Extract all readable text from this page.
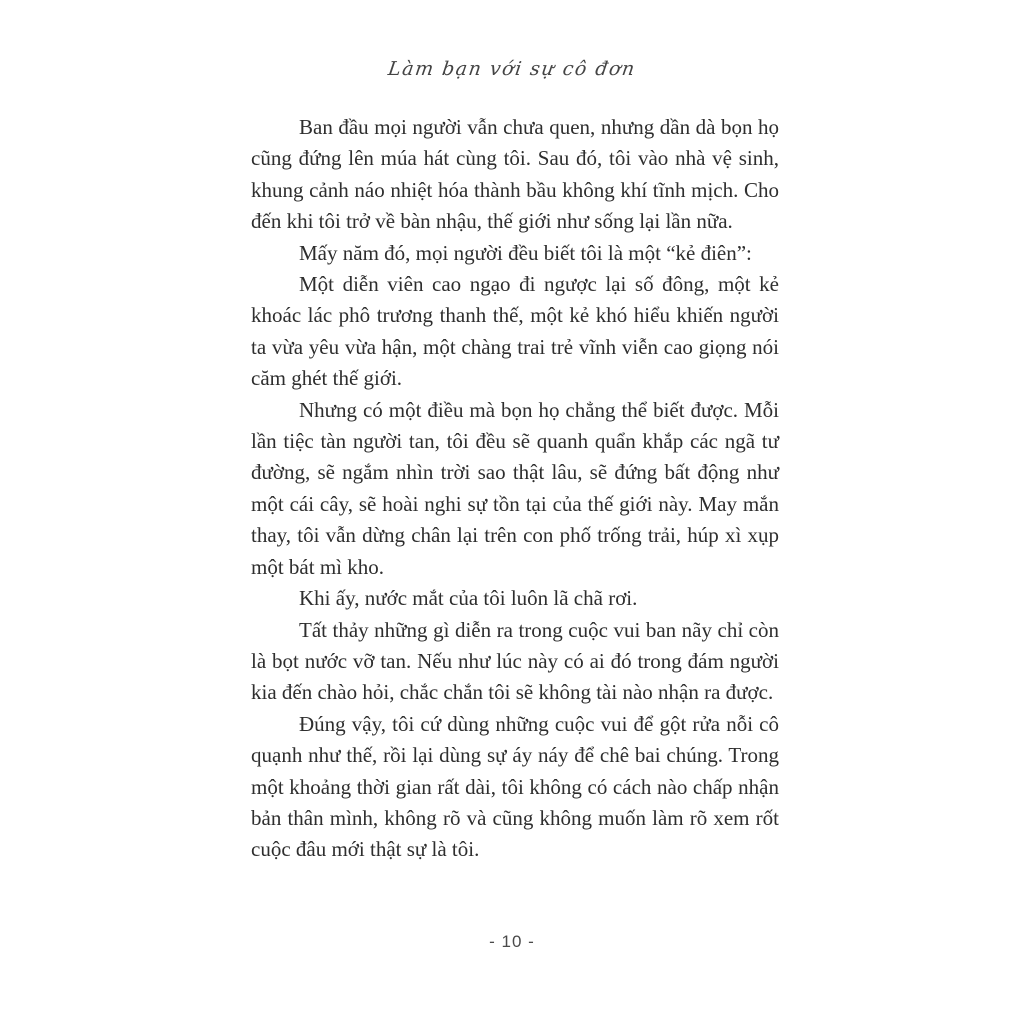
Làm bạn với sự cô đơn

Ban đầu mọi người vẫn chưa quen, nhưng dần dà bọn họ cũng đứng lên múa hát cùng tôi. Sau đó, tôi vào nhà vệ sinh, khung cảnh náo nhiệt hóa thành bầu không khí tĩnh mịch. Cho đến khi tôi trở về bàn nhậu, thế giới như sống lại lần nữa.

Mấy năm đó, mọi người đều biết tôi là một “kẻ điên”:

Một diễn viên cao ngạo đi ngược lại số đông, một kẻ khoác lác phô trương thanh thế, một kẻ khó hiểu khiến người ta vừa yêu vừa hận, một chàng trai trẻ vĩnh viễn cao giọng nói căm ghét thế giới.

Nhưng có một điều mà bọn họ chẳng thể biết được. Mỗi lần tiệc tàn người tan, tôi đều sẽ quanh quẩn khắp các ngã tư đường, sẽ ngắm nhìn trời sao thật lâu, sẽ đứng bất động như một cái cây, sẽ hoài nghi sự tồn tại của thế giới này. May mắn thay, tôi vẫn dừng chân lại trên con phố trống trải, húp xì xụp một bát mì kho.

Khi ấy, nước mắt của tôi luôn lã chã rơi.

Tất thảy những gì diễn ra trong cuộc vui ban nãy chỉ còn là bọt nước vỡ tan. Nếu như lúc này có ai đó trong đám người kia đến chào hỏi, chắc chắn tôi sẽ không tài nào nhận ra được.

Đúng vậy, tôi cứ dùng những cuộc vui để gột rửa nỗi cô quạnh như thế, rồi lại dùng sự áy náy để chê bai chúng. Trong một khoảng thời gian rất dài, tôi không có cách nào chấp nhận bản thân mình, không rõ và cũng không muốn làm rõ xem rốt cuộc đâu mới thật sự là tôi.

- 10 -
